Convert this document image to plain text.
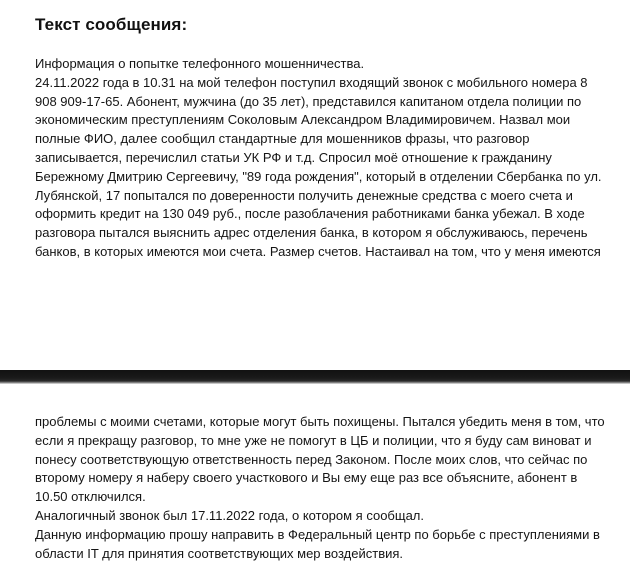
Текст сообщения:
Информация о попытке телефонного мошенничества.
24.11.2022 года в 10.31 на мой телефон поступил входящий звонок с мобильного номера 8
908 909-17-65. Абонент, мужчина (до 35 лет), представился капитаном отдела полиции по
экономическим преступлениям Соколовым Александром Владимировичем. Назвал мои
полные ФИО, далее сообщил стандартные для мошенников фразы, что разговор
записывается, перечислил статьи УК РФ и т.д. Спросил моё отношение к гражданину
Бережному Дмитрию Сергеевичу, "89 года рождения", который в отделении Сбербанка по ул.
Лубянской, 17 попытался по доверенности получить денежные средства с моего счета и
оформить кредит на 130 049 руб., после разоблачения работниками банка убежал. В ходе
разговора пытался выяснить адрес отделения банка, в котором я обслуживаюсь, перечень
банков, в которых имеются мои счета. Размер счетов. Настаивал на том, что у меня имеются
проблемы с моими счетами, которые могут быть похищены. Пытался убедить меня в том, что
если я прекращу разговор, то мне уже не помогут в ЦБ и полиции, что я буду сам виноват и
понесу соответствующую ответственность перед Законом. После моих слов, что сейчас по
второму номеру я наберу своего участкового и Вы ему еще раз все объясните, абонент в
10.50 отключился.
Аналогичный звонок был 17.11.2022 года, о котором я сообщал.
Данную информацию прошу направить в Федеральный центр по борьбе с преступлениями в
области IT для принятия соответствующих мер воздействия.
